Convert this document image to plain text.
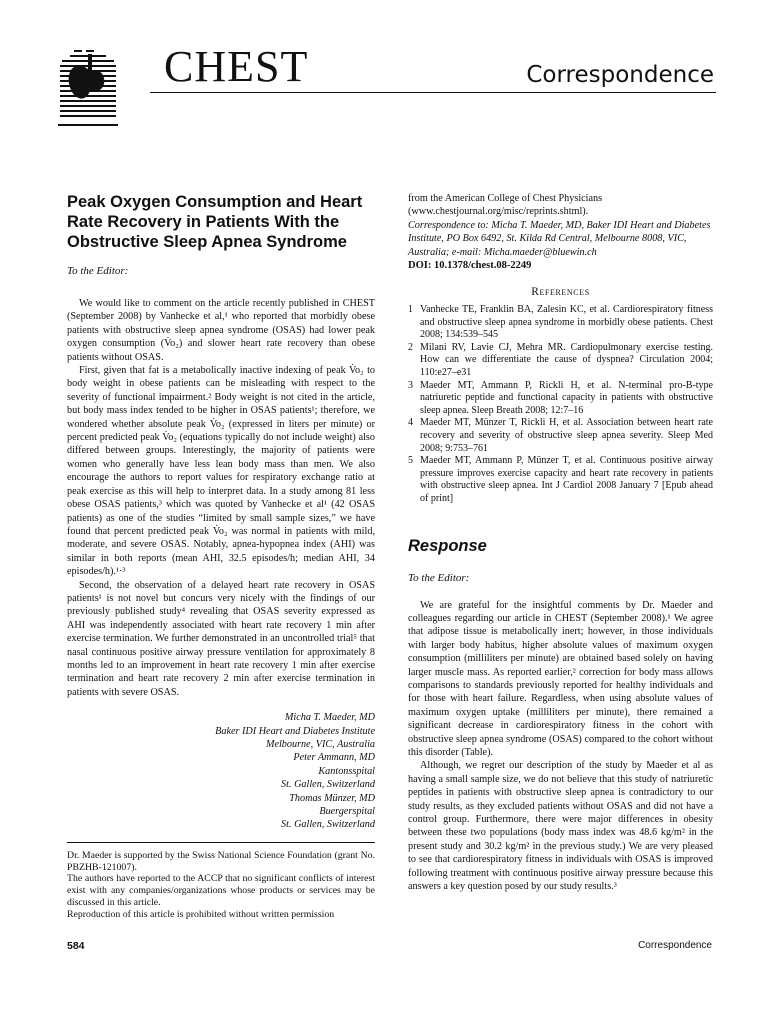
CHEST	Correspondence
Peak Oxygen Consumption and Heart Rate Recovery in Patients With the Obstructive Sleep Apnea Syndrome

To the Editor:

We would like to comment on the article recently published in CHEST (September 2008) by Vanhecke et al,¹ who reported that morbidly obese patients with obstructive sleep apnea syndrome (OSAS) had lower peak oxygen consumption (V̇o₂) and slower heart rate recovery than obese patients without OSAS.

First, given that fat is a metabolically inactive indexing of peak V̇o₂ to body weight in obese patients can be misleading with respect to the severity of functional impairment.² Body weight is not cited in the article, but body mass index tended to be higher in OSAS patients¹; therefore, we wondered whether absolute peak V̇o₂ (expressed in liters per minute) or percent predicted peak V̇o₂ (equations typically do not include weight) also differed between groups. Interestingly, the majority of patients were women who generally have less lean body mass than men. We also encourage the authors to report values for respiratory exchange ratio at peak exercise as this will help to interpret data. In a study among 81 less obese OSAS patients,³ which was quoted by Vanhecke et al¹ (42 OSAS patients) as one of the studies “limited by small sample sizes,” we have found that percent predicted peak V̇o₂ was normal in patients with mild, moderate, and severe OSAS. Notably, apnea-hypopnea index (AHI) was similar in both reports (mean AHI, 32.5 episodes/h; median AHI, 34 episodes/h).¹·³

Second, the observation of a delayed heart rate recovery in OSAS patients¹ is not novel but concurs very nicely with the findings of our previously published study⁴ revealing that OSAS severity expressed as AHI was independently associated with heart rate recovery 1 min after exercise termination. We further demonstrated in an uncontrolled trial⁵ that nasal continuous positive airway pressure ventilation for approximately 8 months led to an improvement in heart rate recovery 1 min after exercise termination and heart rate recovery 2 min after exercise termination in patients with severe OSAS.

Micha T. Maeder, MD
Baker IDI Heart and Diabetes Institute
Melbourne, VIC, Australia
Peter Ammann, MD
Kantonsspital
St. Gallen, Switzerland
Thomas Münzer, MD
Buergerspital
St. Gallen, Switzerland

Dr. Maeder is supported by the Swiss National Science Foundation (grant No. PBZHB-121007).

The authors have reported to the ACCP that no significant conflicts of interest exist with any companies/organizations whose products or services may be discussed in this article.

Reproduction of this article is prohibited without written permission

from the American College of Chest Physicians (www.chestjournal.org/misc/reprints.shtml).

Correspondence to: Micha T. Maeder, MD, Baker IDI Heart and Diabetes Institute, PO Box 6492, St. Kilda Rd Central, Melbourne 8008, VIC, Australia; e-mail: Micha.maeder@bluewin.ch

DOI: 10.1378/chest.08-2249

References
1 Vanhecke TE, Franklin BA, Zalesin KC, et al. Cardiorespiratory fitness and obstructive sleep apnea syndrome in morbidly obese patients. Chest 2008; 134:539–545
2 Milani RV, Lavie CJ, Mehra MR. Cardiopulmonary exercise testing. How can we differentiate the cause of dyspnea? Circulation 2004; 110:e27–e31
3 Maeder MT, Ammann P, Rickli H, et al. N-terminal pro-B-type natriuretic peptide and functional capacity in patients with obstructive sleep apnea. Sleep Breath 2008; 12:7–16
4 Maeder MT, Münzer T, Rickli H, et al. Association between heart rate recovery and severity of obstructive sleep apnea severity. Sleep Med 2008; 9:753–761
5 Maeder MT, Ammann P, Münzer T, et al. Continuous positive airway pressure improves exercise capacity and heart rate recovery in patients with obstructive sleep apnea. Int J Cardiol 2008 January 7 [Epub ahead of print]
Response

To the Editor:

We are grateful for the insightful comments by Dr. Maeder and colleagues regarding our article in CHEST (September 2008).¹ We agree that adipose tissue is metabolically inert; however, in those individuals with larger body habitus, higher absolute values of maximum oxygen consumption (milliliters per minute) are obtained based solely on having larger muscle mass. As reported earlier,² correction for body mass allows comparisons to standards previously reported for healthy individuals and for those with heart failure. Regardless, when using absolute values of maximum oxygen uptake (milliliters per minute), there remained a significant decrease in cardiorespiratory fitness in the cohort with obstructive sleep apnea syndrome (OSAS) compared to the cohort without this disorder (Table).

Although, we regret our description of the study by Maeder et al as having a small sample size, we do not believe that this study of natriuretic peptides in patients with obstructive sleep apnea is contradictory to our study results, as they excluded patients without OSAS and did not have a control group. Furthermore, there were major differences in obesity between these two populations (body mass index was 48.6 kg/m² in the present study and 30.2 kg/m² in the previous study.) We are very pleased to see that cardiorespiratory fitness in individuals with OSAS is improved following treatment with continuous positive airway pressure because this answers a key question posed by our study results.³

584	Correspondence
